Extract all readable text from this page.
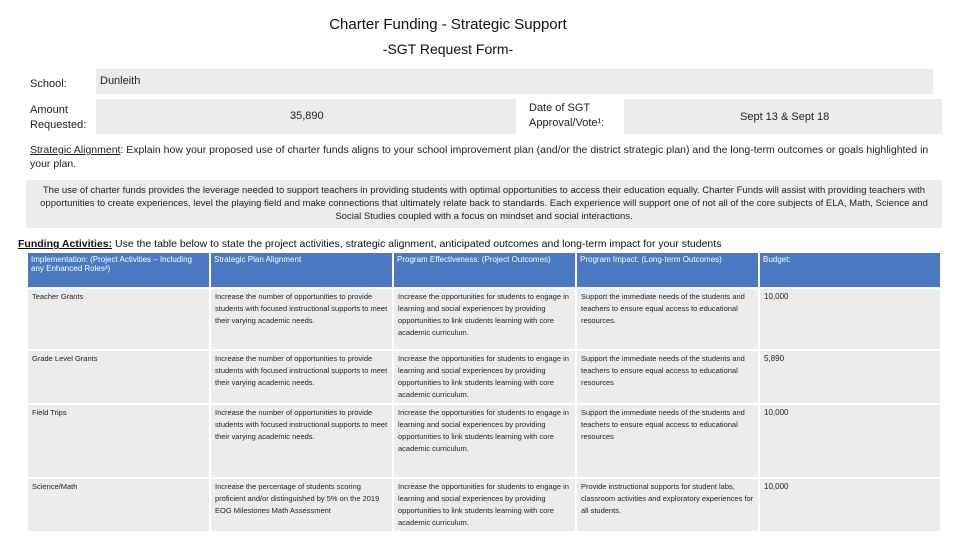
Charter Funding - Strategic Support
-SGT Request Form-
School:	Dunleith
Amount
Requested:
35,890
Date of SGT
Approval/Vote¹:	Sept 13 & Sept 18
Strategic Alignment: Explain how your proposed use of charter funds aligns to your school improvement plan (and/or the district strategic plan) and the long-term outcomes or goals highlighted in your plan.
The use of charter funds provides the leverage needed to support teachers in providing students with optimal opportunities to access their education equally. Charter Funds will assist with providing teachers with opportunities to create experiences, level the playing field and make connections that ultimately relate back to standards. Each experience will support one of not all of the core subjects of ELA, Math, Science and Social Studies coupled with a focus on mindset and social interactions.
Funding Activities: Use the table below to state the project activities, strategic alignment, anticipated outcomes and long-term impact for your students
Implementation: (Project Activities – Including any Enhanced Roles²)	Strategic Plan Alignment	Program Effectiveness: (Project Outcomes)	Program Impact: (Long-term Outcomes)	Budget:
Teacher Grants	Increase the number of opportunities to provide students with focused instructional supports to meet their varying academic needs.	Increase the opportunities for students to engage in learning and social experiences by providing opportunities to link students learning with core academic curriculum.	Support the immediate needs of the students and teachers to ensure equal access to educational resources.	10,000
Grade Level Grants	Increase the number of opportunities to provide students with focused instructional supports to meet their varying academic needs.	Increase the opportunities for students to engage in learning and social experiences by providing opportunities to link students learning with core academic curriculum.	Support the immediate needs of the students and teachers to ensure equal access to educational resources	5,890
Field Trips	Increase the number of opportunities to provide students with focused instructional supports to meet their varying academic needs.	Increase the opportunities for students to engage in learning and social experiences by providing opportunities to link students learning with core academic curriculum.	Support the immediate needs of the students and teachers to ensure equal access to educational resources	10,000
Science/Math	Increase the percentage of students scoring proficient and/or distinguished by 5% on the 2019 EOG Milestones Math Assessment	Increase the opportunities for students to engage in learning and social experiences by providing opportunities to link students learning with core academic curriculum.	Provide instructional supports for student labs, classroom activities and exploratory experiences for all students.	10,000
